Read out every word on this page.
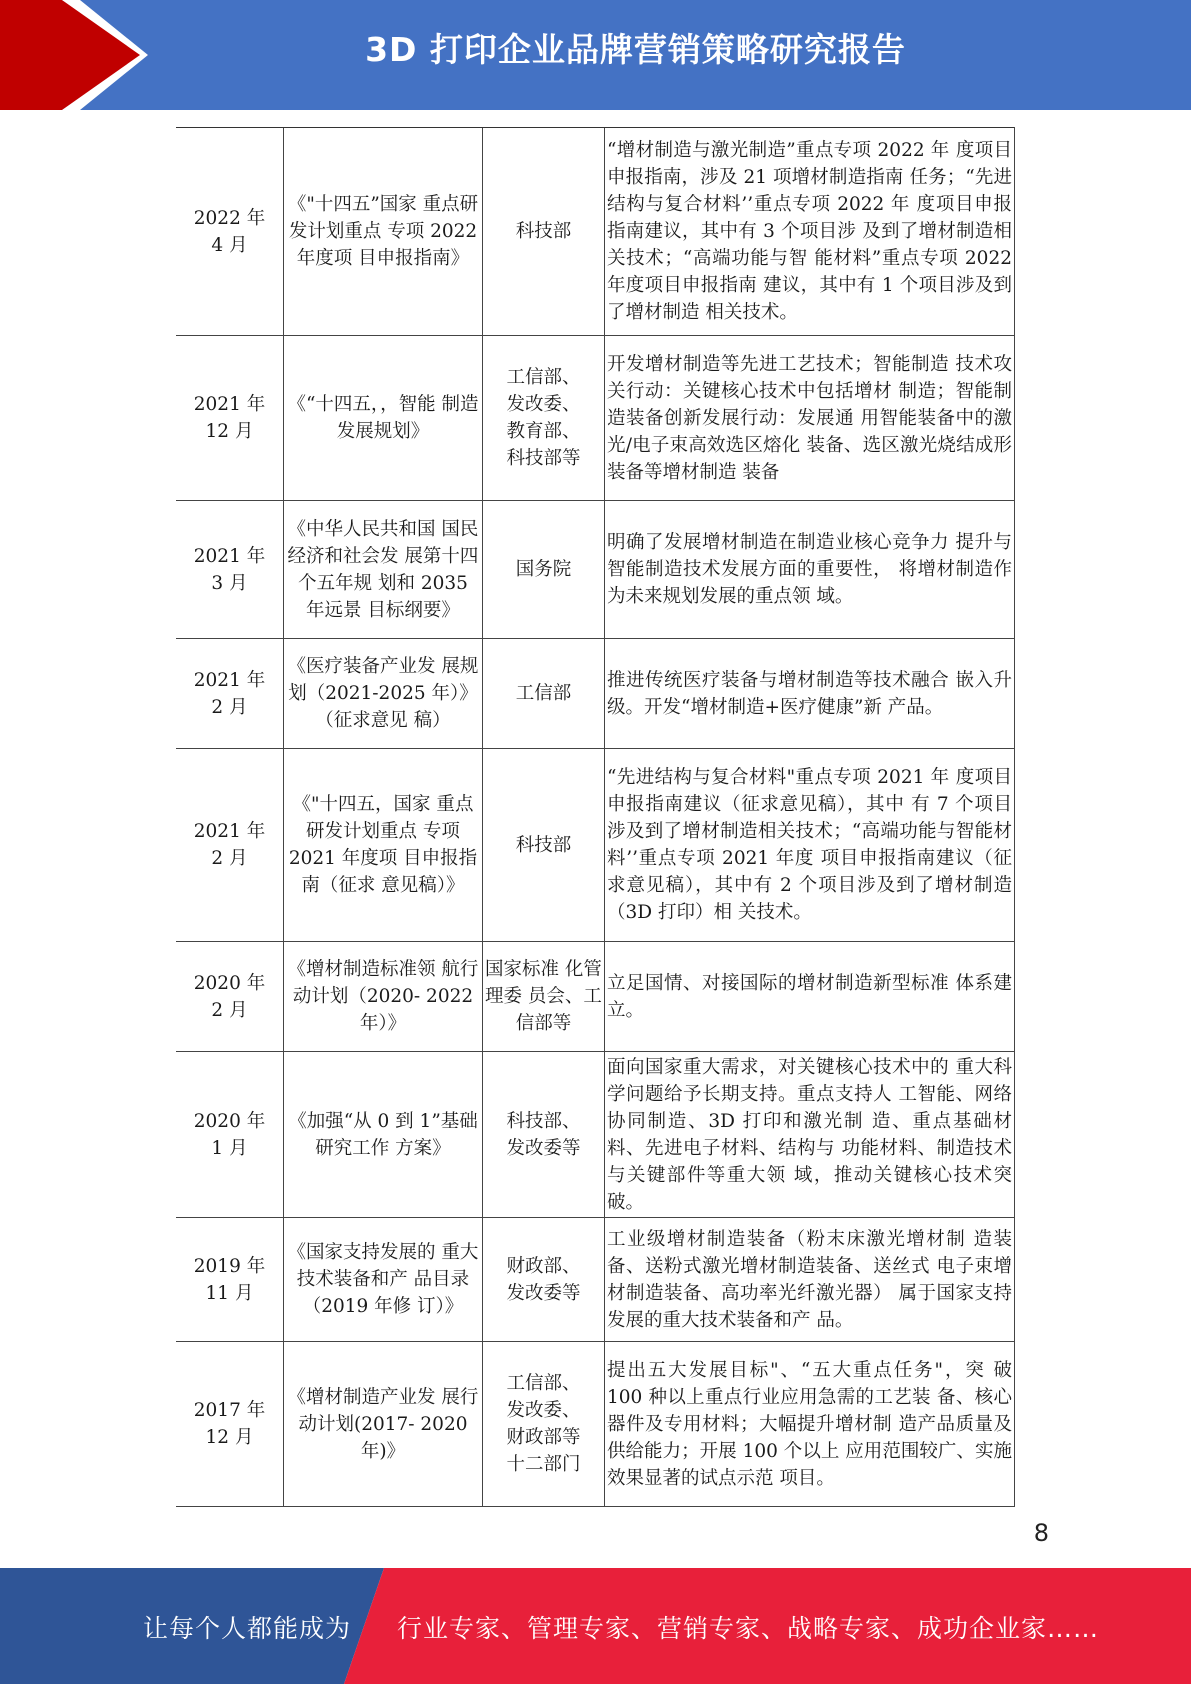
3D 打印企业品牌营销策略研究报告
2022 年
4 月	《"十四五”国家 重点研发计划重点 专项 2022 年度项 目申报指南》	科技部	“增材制造与激光制造”重点专项 2022 年 度项目申报指南，涉及 21 项增材制造指南 任务；“先进结构与复合材料’’重点专项 2022 年 度项目申报指南建议，其中有 3 个项目涉 及到了增材制造相关技术；“高端功能与智 能材料”重点专项 2022 年度项目申报指南 建议，其中有 1 个项目涉及到了增材制造 相关技术。
2021 年
12 月	《“十四五，，智能 制造发展规划》	工信部、
发改委、
教育部、
科技部等	开发增材制造等先进工艺技术；智能制造 技术攻关行动：关键核心技术中包括增材 制造；智能制造装备创新发展行动：发展通 用智能装备中的激光/电子束高效选区熔化 装备、选区激光烧结成形装备等增材制造 装备
2021 年
3 月	《中华人民共和国 国民经济和社会发 展第十四个五年规 划和 2035 年远景 目标纲要》	国务院	明确了发展增材制造在制造业核心竞争力 提升与智能制造技术发展方面的重要性， 将增材制造作为未来规划发展的重点领 域。
2021 年
2 月	《医疗装备产业发 展规划（2021-2025 年）》（征求意见 稿）	工信部	推进传统医疗装备与增材制造等技术融合 嵌入升级。开发“增材制造+医疗健康”新 产品。
2021 年
2 月	《"十四五，国家 重点研发计划重点 专项 2021 年度项 目申报指南（征求 意见稿）》	科技部	“先进结构与复合材料"重点专项 2021 年 度项目申报指南建议（征求意见稿），其中 有 7 个项目涉及到了增材制造相关技术；“高端功能与智能材料’’重点专项 2021 年度 项目申报指南建议（征求意见稿），其中有 2 个项目涉及到了增材制造（3D 打印）相 关技术。
2020 年
2 月	《增材制造标准领 航行动计划（2020- 2022 年）》	国家标准 化管理委 员会、工 信部等	立足国情、对接国际的增材制造新型标准 体系建立。
2020 年
1 月	《加强“从 0 到 1”基础研究工作 方案》	科技部、
发改委等	面向国家重大需求，对关键核心技术中的 重大科学问题给予长期支持。重点支持人 工智能、网络协同制造、3D 打印和激光制 造、重点基础材料、先进电子材料、结构与 功能材料、制造技术与关键部件等重大领 域，推动关键核心技术突破。
2019 年
11 月	《国家支持发展的 重大技术装备和产 品目录（2019 年修 订）》	财政部、
发改委等	工业级增材制造装备（粉末床激光增材制 造装备、送粉式激光增材制造装备、送丝式 电子束增材制造装备、高功率光纤激光器） 属于国家支持发展的重大技术装备和产 品。
2017 年
12 月	《增材制造产业发 展行动计划(2017- 2020 年)》	工信部、
发改委、
财政部等
十二部门	提出五大发展目标"、“五大重点任务"，突 破 100 种以上重点行业应用急需的工艺装 备、核心器件及专用材料；大幅提升增材制 造产品质量及供给能力；开展 100 个以上 应用范围较广、实施效果显著的试点示范 项目。
8
让每个人都能成为 行业专家、管理专家、营销专家、战略专家、成功企业家……
